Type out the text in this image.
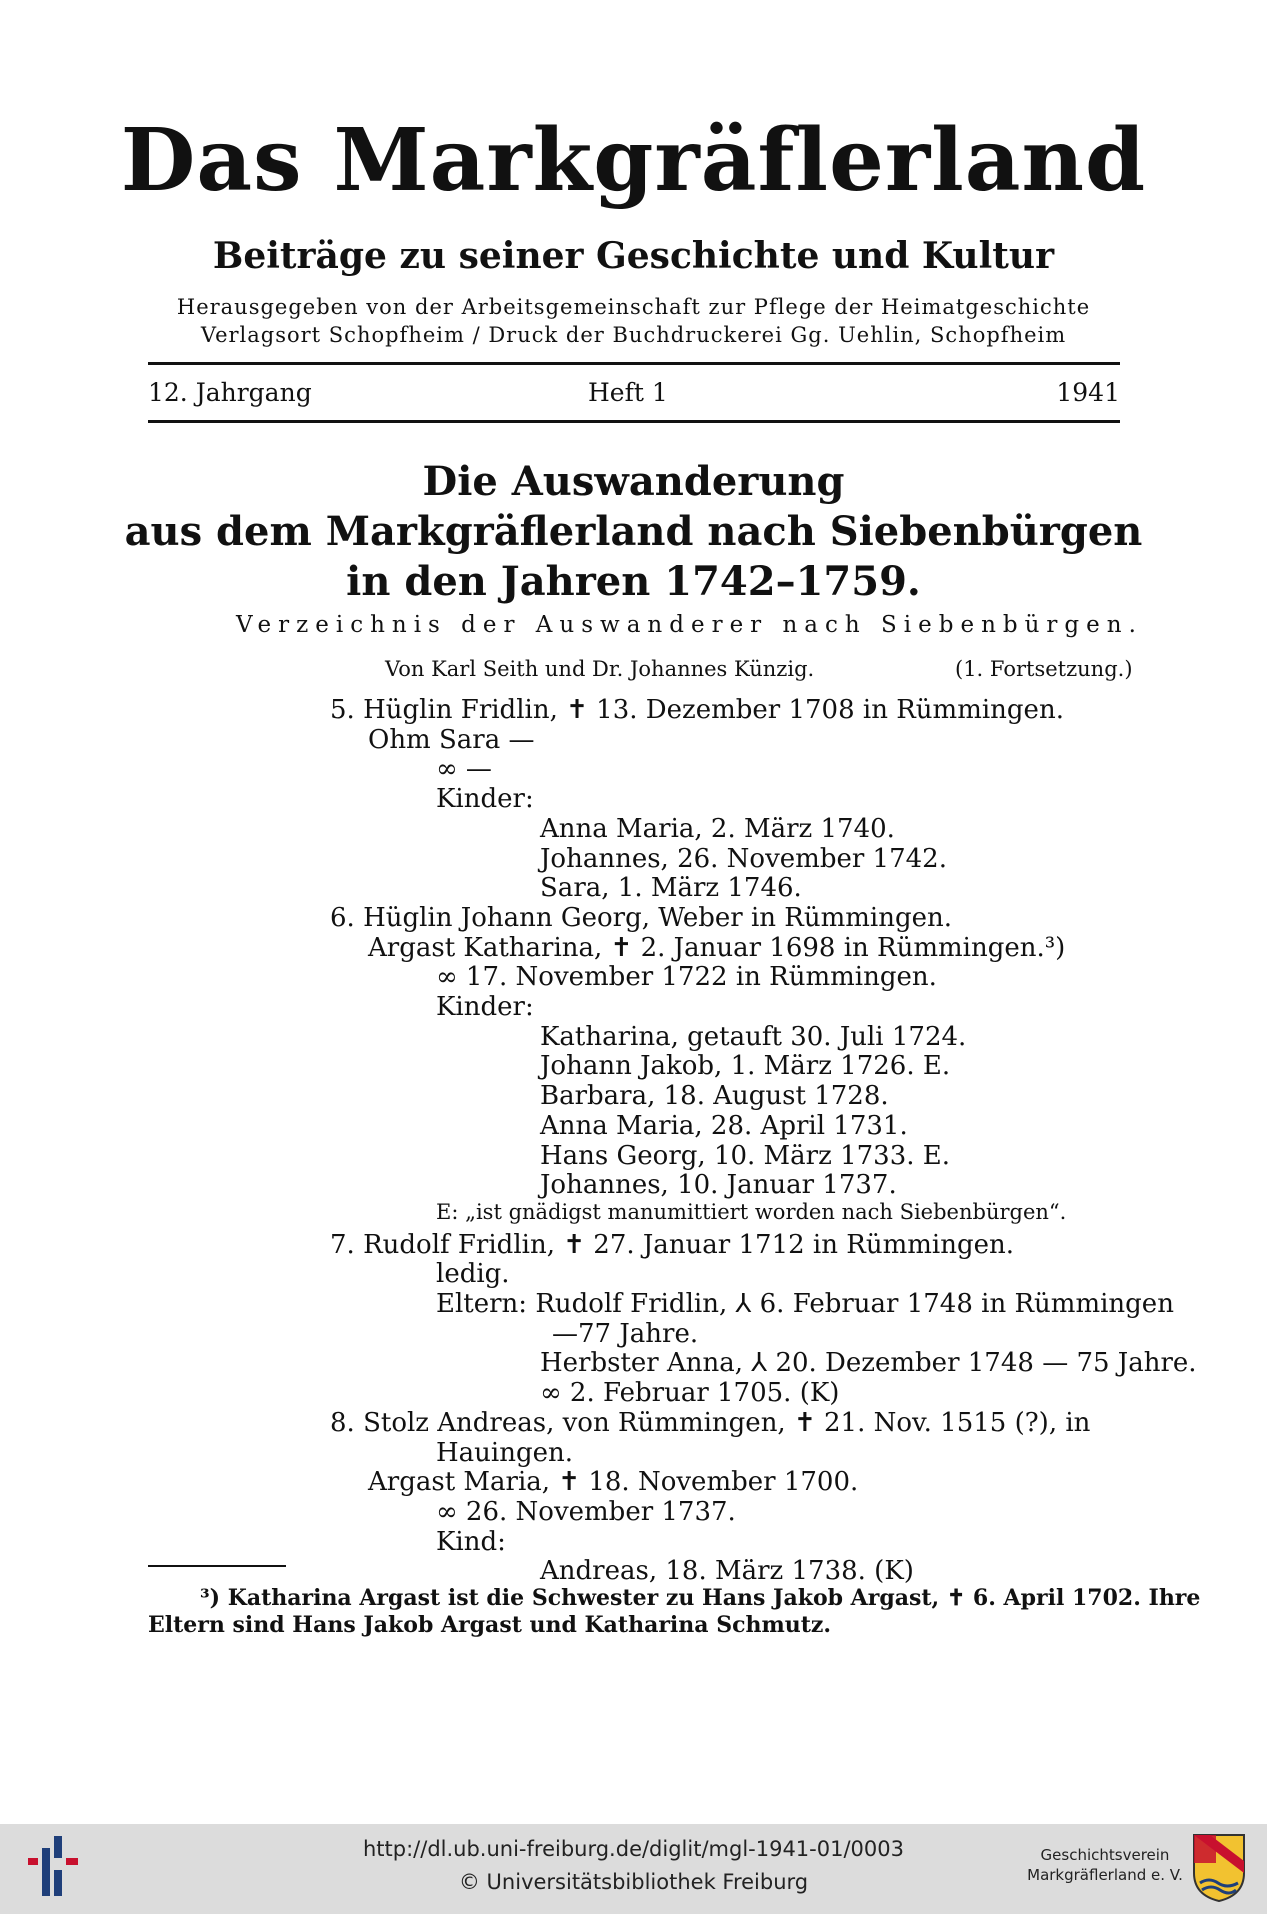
Das Markgräflerland
Beiträge zu seiner Geschichte und Kultur
Herausgegeben von der Arbeitsgemeinschaft zur Pflege der Heimatgeschichte
Verlagsort Schopfheim / Druck der Buchdruckerei Gg. Uehlin, Schopfheim
12. Jahrgang	Heft 1	1941
Die Auswanderung
aus dem Markgräflerland nach Siebenbürgen
in den Jahren 1742–1759.
Verzeichnis der Auswanderer nach Siebenbürgen.
Von Karl Seith und Dr. Johannes Künzig.	(1. Fortsetzung.)
5. Hüglin Fridlin, ✝ 13. Dezember 1708 in Rümmingen.
Ohm Sara —
∞ —
Kinder:
Anna Maria, 2. März 1740.
Johannes, 26. November 1742.
Sara, 1. März 1746.
6. Hüglin Johann Georg, Weber in Rümmingen.
Argast Katharina, ✝ 2. Januar 1698 in Rümmingen.³)
∞ 17. November 1722 in Rümmingen.
Kinder:
Katharina, getauft 30. Juli 1724.
Johann Jakob, 1. März 1726. E.
Barbara, 18. August 1728.
Anna Maria, 28. April 1731.
Hans Georg, 10. März 1733. E.
Johannes, 10. Januar 1737.
E: „ist gnädigst manumittiert worden nach Siebenbürgen“.
7. Rudolf Fridlin, ✝ 27. Januar 1712 in Rümmingen.
ledig.
Eltern: Rudolf Fridlin, ⅄ 6. Februar 1748 in Rümmingen
—77 Jahre.
Herbster Anna, ⅄ 20. Dezember 1748 — 75 Jahre.
∞ 2. Februar 1705. (K)
8. Stolz Andreas, von Rümmingen, ✝ 21. Nov. 1515 (?), in
Hauingen.
Argast Maria, ✝ 18. November 1700.
∞ 26. November 1737.
Kind:
Andreas, 18. März 1738. (K)
³) Katharina Argast ist die Schwester zu Hans Jakob Argast, ✝ 6. April 1702. Ihre
Eltern sind Hans Jakob Argast und Katharina Schmutz.
http://dl.ub.uni-freiburg.de/diglit/mgl-1941-01/0003
© Universitätsbibliothek Freiburg
Geschichtsverein
Markgräflerland e. V.
